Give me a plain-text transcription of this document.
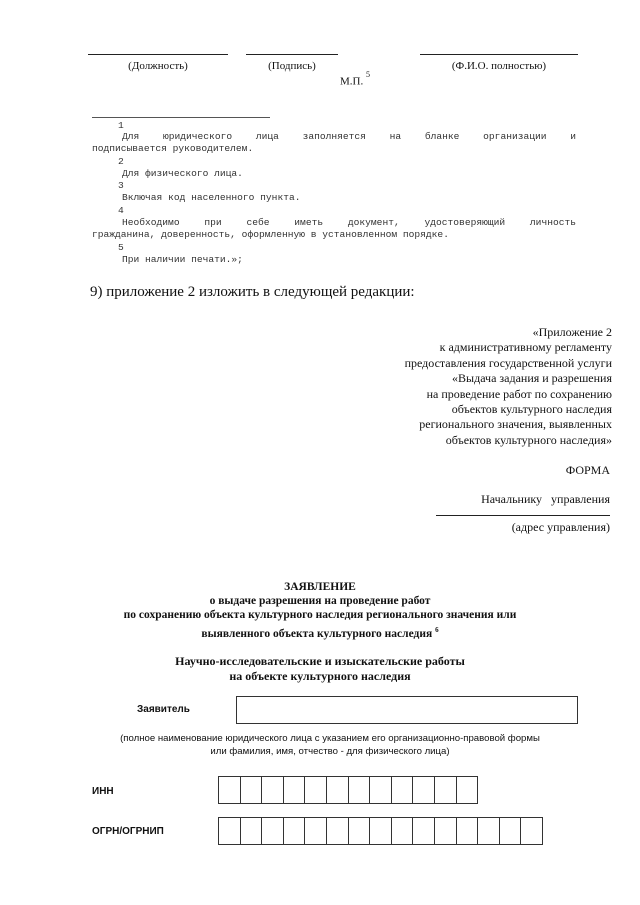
(Должность)	(Подпись)	(Ф.И.О. полностью)
М.П. $^5$
1
Для юридического лица заполняется на бланке организации и
подписывается руководителем.
2
Для физического лица.
3
Включая код населенного пункта.
4
Необходимо при себе иметь документ, удостоверяющий личность
гражданина, доверенность, оформленную в установленном порядке.
5
При наличии печати.»;
9) приложение 2 изложить в следующей редакции:
«Приложение 2
к административному регламенту
предоставления государственной услуги
«Выдача задания и разрешения
на проведение работ по сохранению
объектов культурного наследия
регионального значения, выявленных
объектов культурного наследия»
ФОРМА
Начальнику управления
(адрес управления)
ЗАЯВЛЕНИЕ
о выдаче разрешения на проведение работ
по сохранению объекта культурного наследия регионального значения или
выявленного объекта культурного наследия $^6$
Научно-исследовательские и изыскательские работы
на объекте культурного наследия
Заявитель
(полное наименование юридического лица с указанием его организационно-правовой формы
или фамилия, имя, отчество - для физического лица)
ИНН
ОГРН/ОГРНИП
